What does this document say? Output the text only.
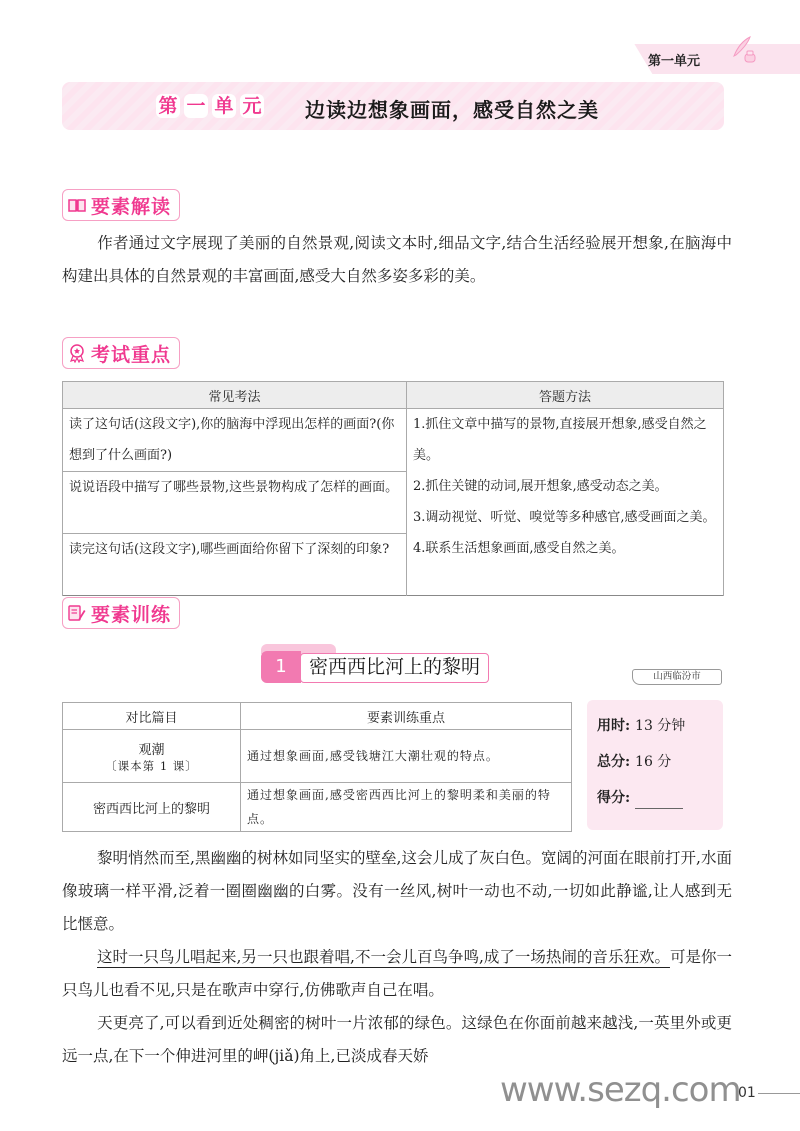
第一单元
第 一 单 元 边读边想象画面，感受自然之美
要素解读

作者通过文字展现了美丽的自然景观,阅读文本时,细品文字,结合生活经验展开想象,在脑海中构建出具体的自然景观的丰富画面,感受大自然多姿多彩的美。

考试重点
常见考法	答题方法
读了这句话(这段文字),你的脑海中浮现出怎样的画面?(你想到了什么画面?)	1.抓住文章中描写的景物,直接展开想象,感受自然之美。
2.抓住关键的动词,展开想象,感受动态之美。
3.调动视觉、听觉、嗅觉等多种感官,感受画面之美。
4.联系生活想象画面,感受自然之美。

说说语段中描写了哪些景物,这些景物构成了怎样的画面。	
读完这句话(这段文字),哪些画面给你留下了深刻的印象?	
要素训练
1	密西西比河上的黎明	山西临汾市
对比篇目	要素训练重点
观潮
〔课本第 1 课〕	通过想象画面,感受钱塘江大潮壮观的特点。
密西西比河上的黎明	通过想象画面,感受密西西比河上的黎明柔和美丽的特点。
用时: 13 分钟
总分: 16 分
得分:

黎明悄然而至,黑幽幽的树林如同坚实的壁垒,这会儿成了灰白色。宽阔的河面在眼前打开,水面像玻璃一样平滑,泛着一圈圈幽幽的白雾。没有一丝风,树叶一动也不动,一切如此静谧,让人感到无比惬意。

这时一只鸟儿唱起来,另一只也跟着唱,不一会儿百鸟争鸣,成了一场热闹的音乐狂欢。可是你一只鸟儿也看不见,只是在歌声中穿行,仿佛歌声自己在唱。

天更亮了,可以看到近处稠密的树叶一片浓郁的绿色。这绿色在你面前越来越浅,一英里外或更远一点,在下一个伸进河里的岬(jiǎ)角上,已淡成春天娇

www.sezq.com
01
